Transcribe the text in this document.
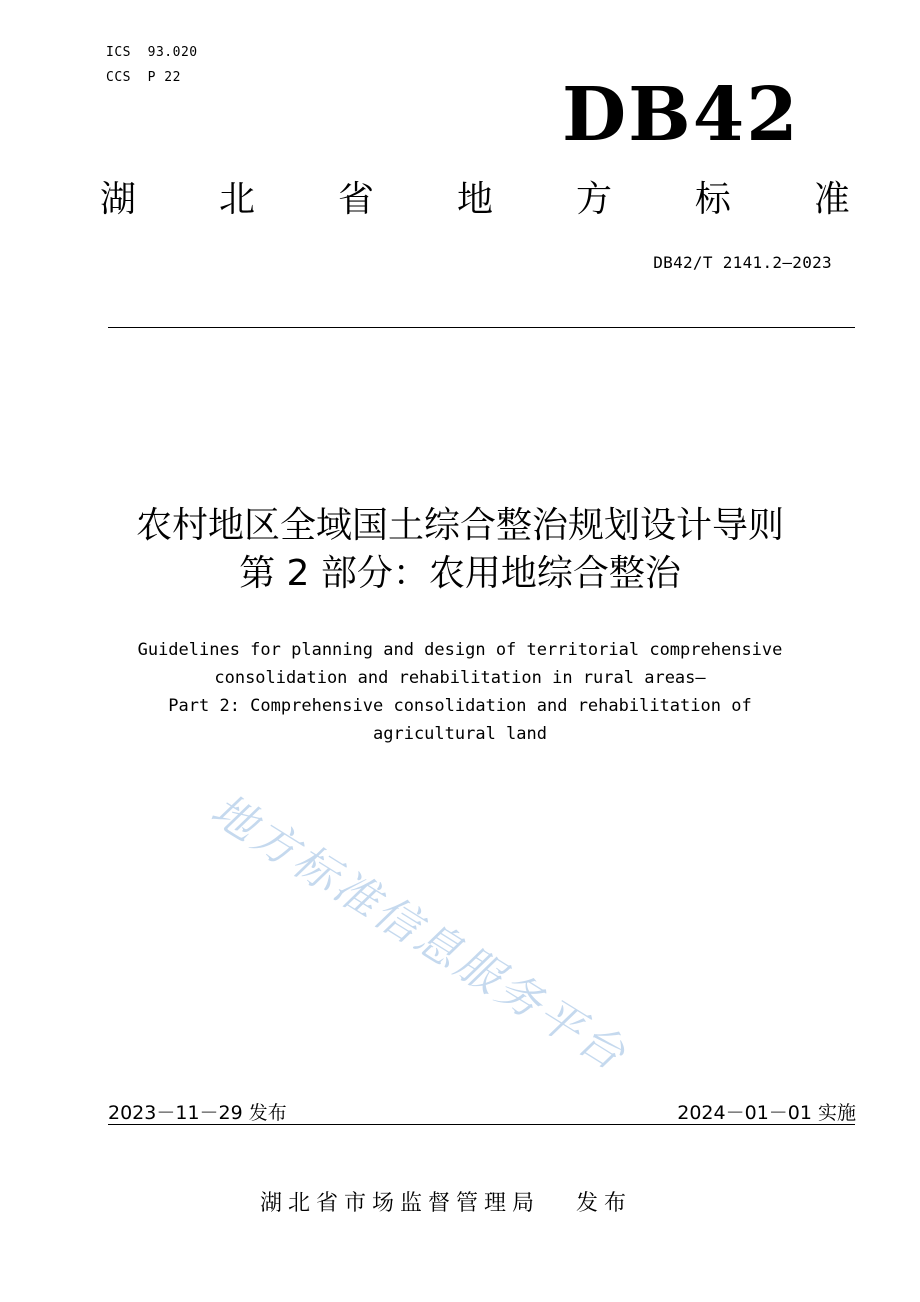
ICS  93.020
CCS  P 22	DB42
湖 北 省 地 方 标 准
DB42/T 2141.2—2023
农村地区全域国土综合整治规划设计导则
第 2 部分：农用地综合整治
Guidelines for planning and design of territorial comprehensive
consolidation and rehabilitation in rural areas—
Part 2: Comprehensive consolidation and rehabilitation of
agricultural land
地方标准信息服务平台
2023－11－29 发布	2024－01－01 实施
湖北省市场监督管理局 发布
